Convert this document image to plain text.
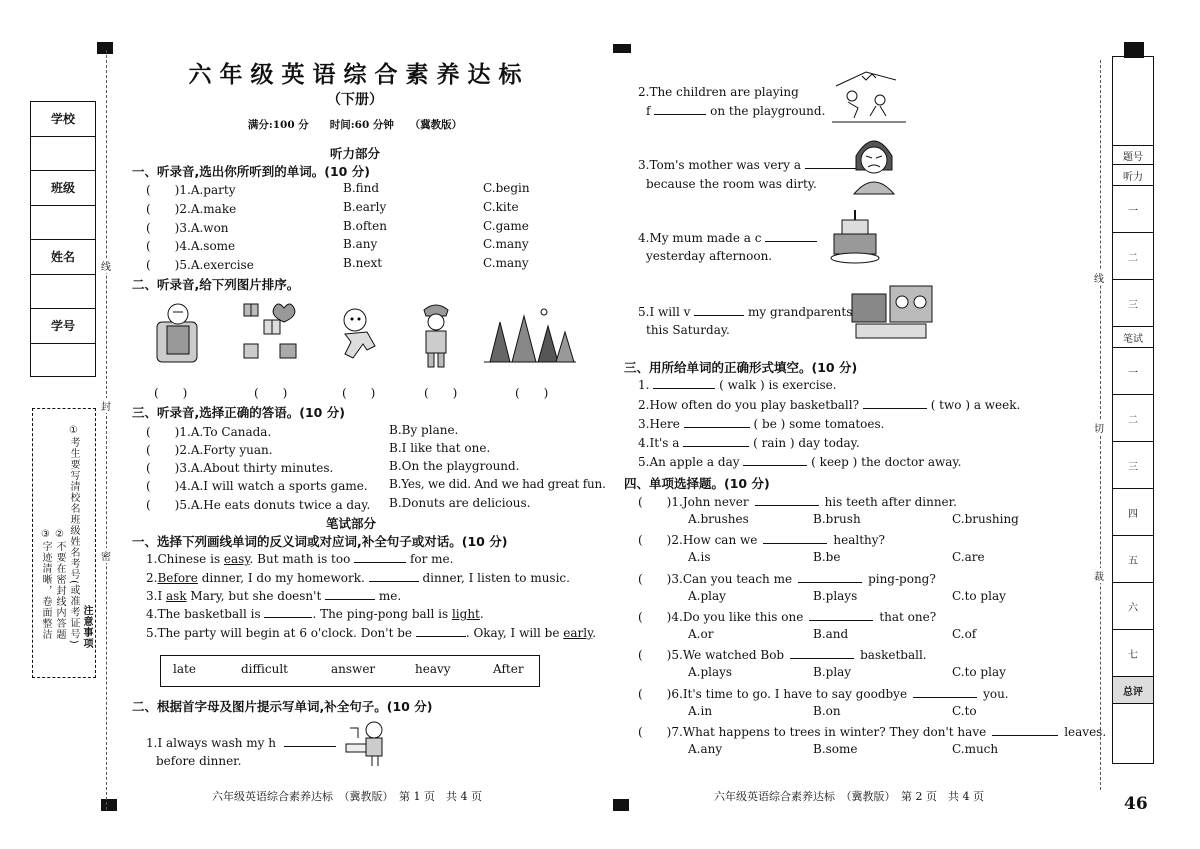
学校
班级
姓名
学号
①考生要写清校名班级姓名考号(或准考证号)
②不要在密封线内答题
③字迹清晰，卷面整洁	注意事项
线
封
密
六 年 级 英 语 综 合 素 养 达 标
（下册）
满分:100 分　　时间:60 分钟　　（冀教版）
听力部分
一、听录音,选出你所听到的单词。(10 分)
(　　)1.A.party	B.find	C.begin
(　　)2.A.make	B.early	C.kite
(　　)3.A.won	B.often	C.game
(　　)4.A.some	B.any	C.many
(　　)5.A.exercise	B.next	C.many
二、听录音,给下列图片排序。
(　　)	(　　)	(　　)	(　　)	(　　)
三、听录音,选择正确的答语。(10 分)
(　　)1.A.To Canada.	B.By plane.
(　　)2.A.Forty yuan.	B.I like that one.
(　　)3.A.About thirty minutes.	B.On the playground.
(　　)4.A.I will watch a sports game. B.Yes, we did. And we had great fun.
(　　)5.A.He eats donuts twice a day. B.Donuts are delicious.
笔试部分
一、选择下列画线单词的反义词或对应词,补全句子或对话。(10 分)
1.Chinese is easy. But math is too	for me.
2.Before dinner, I do my homework.	dinner, I listen to music.
3.I ask Mary, but she doesn't	me.
4.The basketball is	. The ping-pong ball is light.
5.The party will begin at 6 o'clock. Don't be	. Okay, I will be early.
late	difficult	answer	heavy	After
二、根据首字母及图片提示写单词,补全句子。(10 分)
1.I always wash my h
before dinner.
六年级英语综合素养达标　（冀教版）　第 1 页　共 4 页
2.The children are playing
f	on the playground.
3.Tom's mother was very a
because the room was dirty.
4.My mum made a c
yesterday afternoon.
5.I will v	my grandparents
this Saturday.
三、用所给单词的正确形式填空。(10 分)
1.	( walk ) is exercise.
2.How often do you play basketball?	( two ) a week.
3.Here	( be ) some tomatoes.
4.It's a	( rain ) day today.
5.An apple a day	( keep ) the doctor away.
四、单项选择题。(10 分)
(　　)1.John never	his teeth after dinner.
A.brushes	B.brush	C.brushing
(　　)2.How can we	healthy?
A.is	B.be	C.are
(　　)3.Can you teach me	ping-pong?
A.play	B.plays	C.to play
(　　)4.Do you like this one	that one?
A.or	B.and	C.of
(　　)5.We watched Bob	basketball.
A.plays	B.play	C.to play
(　　)6.It's time to go. I have to say goodbye	you.
A.in	B.on	C.to
(　　)7.What happens to trees in winter? They don't have	leaves.
A.any	B.some	C.much
六年级英语综合素养达标　（冀教版）　第 2 页　共 4 页
题号
听力
一
二
三
笔试
一
二
三
四
五
六
七
总评
线
切
裁
46
